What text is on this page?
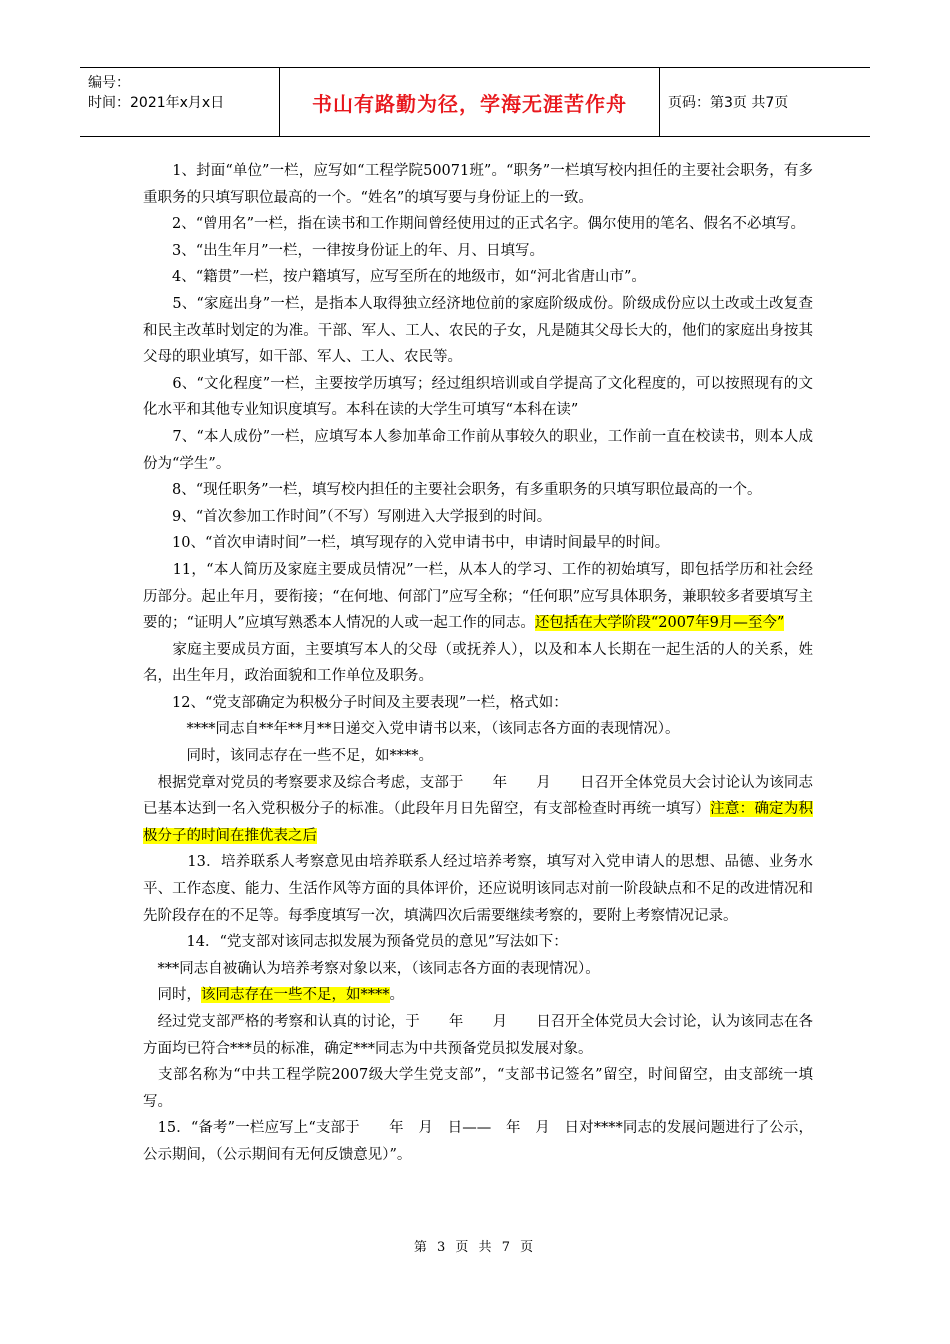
编号：
时间：2021年x月x日	书山有路勤为径，学海无涯苦作舟	页码：第3页 共7页

　　1、封面“单位”一栏，应写如“工程学院50071班”。“职务”一栏填写校内担任的主要社会职务，有多重职务的只填写职位最高的一个。“姓名”的填写要与身份证上的一致。

　　2、“曾用名”一栏，指在读书和工作期间曾经使用过的正式名字。偶尔使用的笔名、假名不必填写。

　　3、“出生年月”一栏，一律按身份证上的年、月、日填写。

　　4、“籍贯”一栏，按户籍填写，应写至所在的地级市，如“河北省唐山市”。

　　5、“家庭出身”一栏，是指本人取得独立经济地位前的家庭阶级成份。阶级成份应以土改或土改复查和民主改革时划定的为准。干部、军人、工人、农民的子女，凡是随其父母长大的，他们的家庭出身按其父母的职业填写，如干部、军人、工人、农民等。

　　6、“文化程度”一栏，主要按学历填写；经过组织培训或自学提高了文化程度的，可以按照现有的文化水平和其他专业知识度填写。本科在读的大学生可填写“本科在读”

　　7、“本人成份”一栏，应填写本人参加革命工作前从事较久的职业，工作前一直在校读书，则本人成份为“学生”。

　　8、“现任职务”一栏，填写校内担任的主要社会职务，有多重职务的只填写职位最高的一个。

　　9、“首次参加工作时间”（不写）写刚进入大学报到的时间。

　　10、“首次申请时间”一栏，填写现存的入党申请书中，申请时间最早的时间。

　　11，“本人简历及家庭主要成员情况”一栏，从本人的学习、工作的初始填写，即包括学历和社会经历部分。起止年月，要衔接；“在何地、何部门”应写全称；“任何职”应写具体职务，兼职较多者要填写主要的；“证明人”应填写熟悉本人情况的人或一起工作的同志。还包括在大学阶段“2007年9月—至今”

　　家庭主要成员方面，主要填写本人的父母（或抚养人），以及和本人长期在一起生活的人的关系，姓名，出生年月，政治面貌和工作单位及职务。

　　12、“党支部确定为积极分子时间及主要表现”一栏，格式如：

　　　****同志自**年**月**日递交入党申请书以来，（该同志各方面的表现情况）。

　　　同时，该同志存在一些不足，如****。

　根据党章对党员的考察要求及综合考虑，支部于　　年　　月　　日召开全体党员大会讨论认为该同志已基本达到一名入党积极分子的标准。（此段年月日先留空，有支部检查时再统一填写）注意：确定为积极分子的时间在推优表之后

　　　13．培养联系人考察意见由培养联系人经过培养考察，填写对入党申请人的思想、品德、业务水平、工作态度、能力、生活作风等方面的具体评价，还应说明该同志对前一阶段缺点和不足的改进情况和先阶段存在的不足等。每季度填写一次，填满四次后需要继续考察的，要附上考察情况记录。

　　　14．“党支部对该同志拟发展为预备党员的意见”写法如下：

　***同志自被确认为培养考察对象以来，（该同志各方面的表现情况）。

　同时，该同志存在一些不足，如****。

　经过党支部严格的考察和认真的讨论，于　　年　　月　　日召开全体党员大会讨论，认为该同志在各方面均已符合***员的标准，确定***同志为中共预备党员拟发展对象。

　支部名称为“中共工程学院2007级大学生党支部”，“支部书记签名”留空，时间留空，由支部统一填写。

　15．“备考”一栏应写上“支部于　　年　月　日——　年　月　日对****同志的发展问题进行了公示，公示期间，（公示期间有无何反馈意见）”。

第 3 页 共 7 页
